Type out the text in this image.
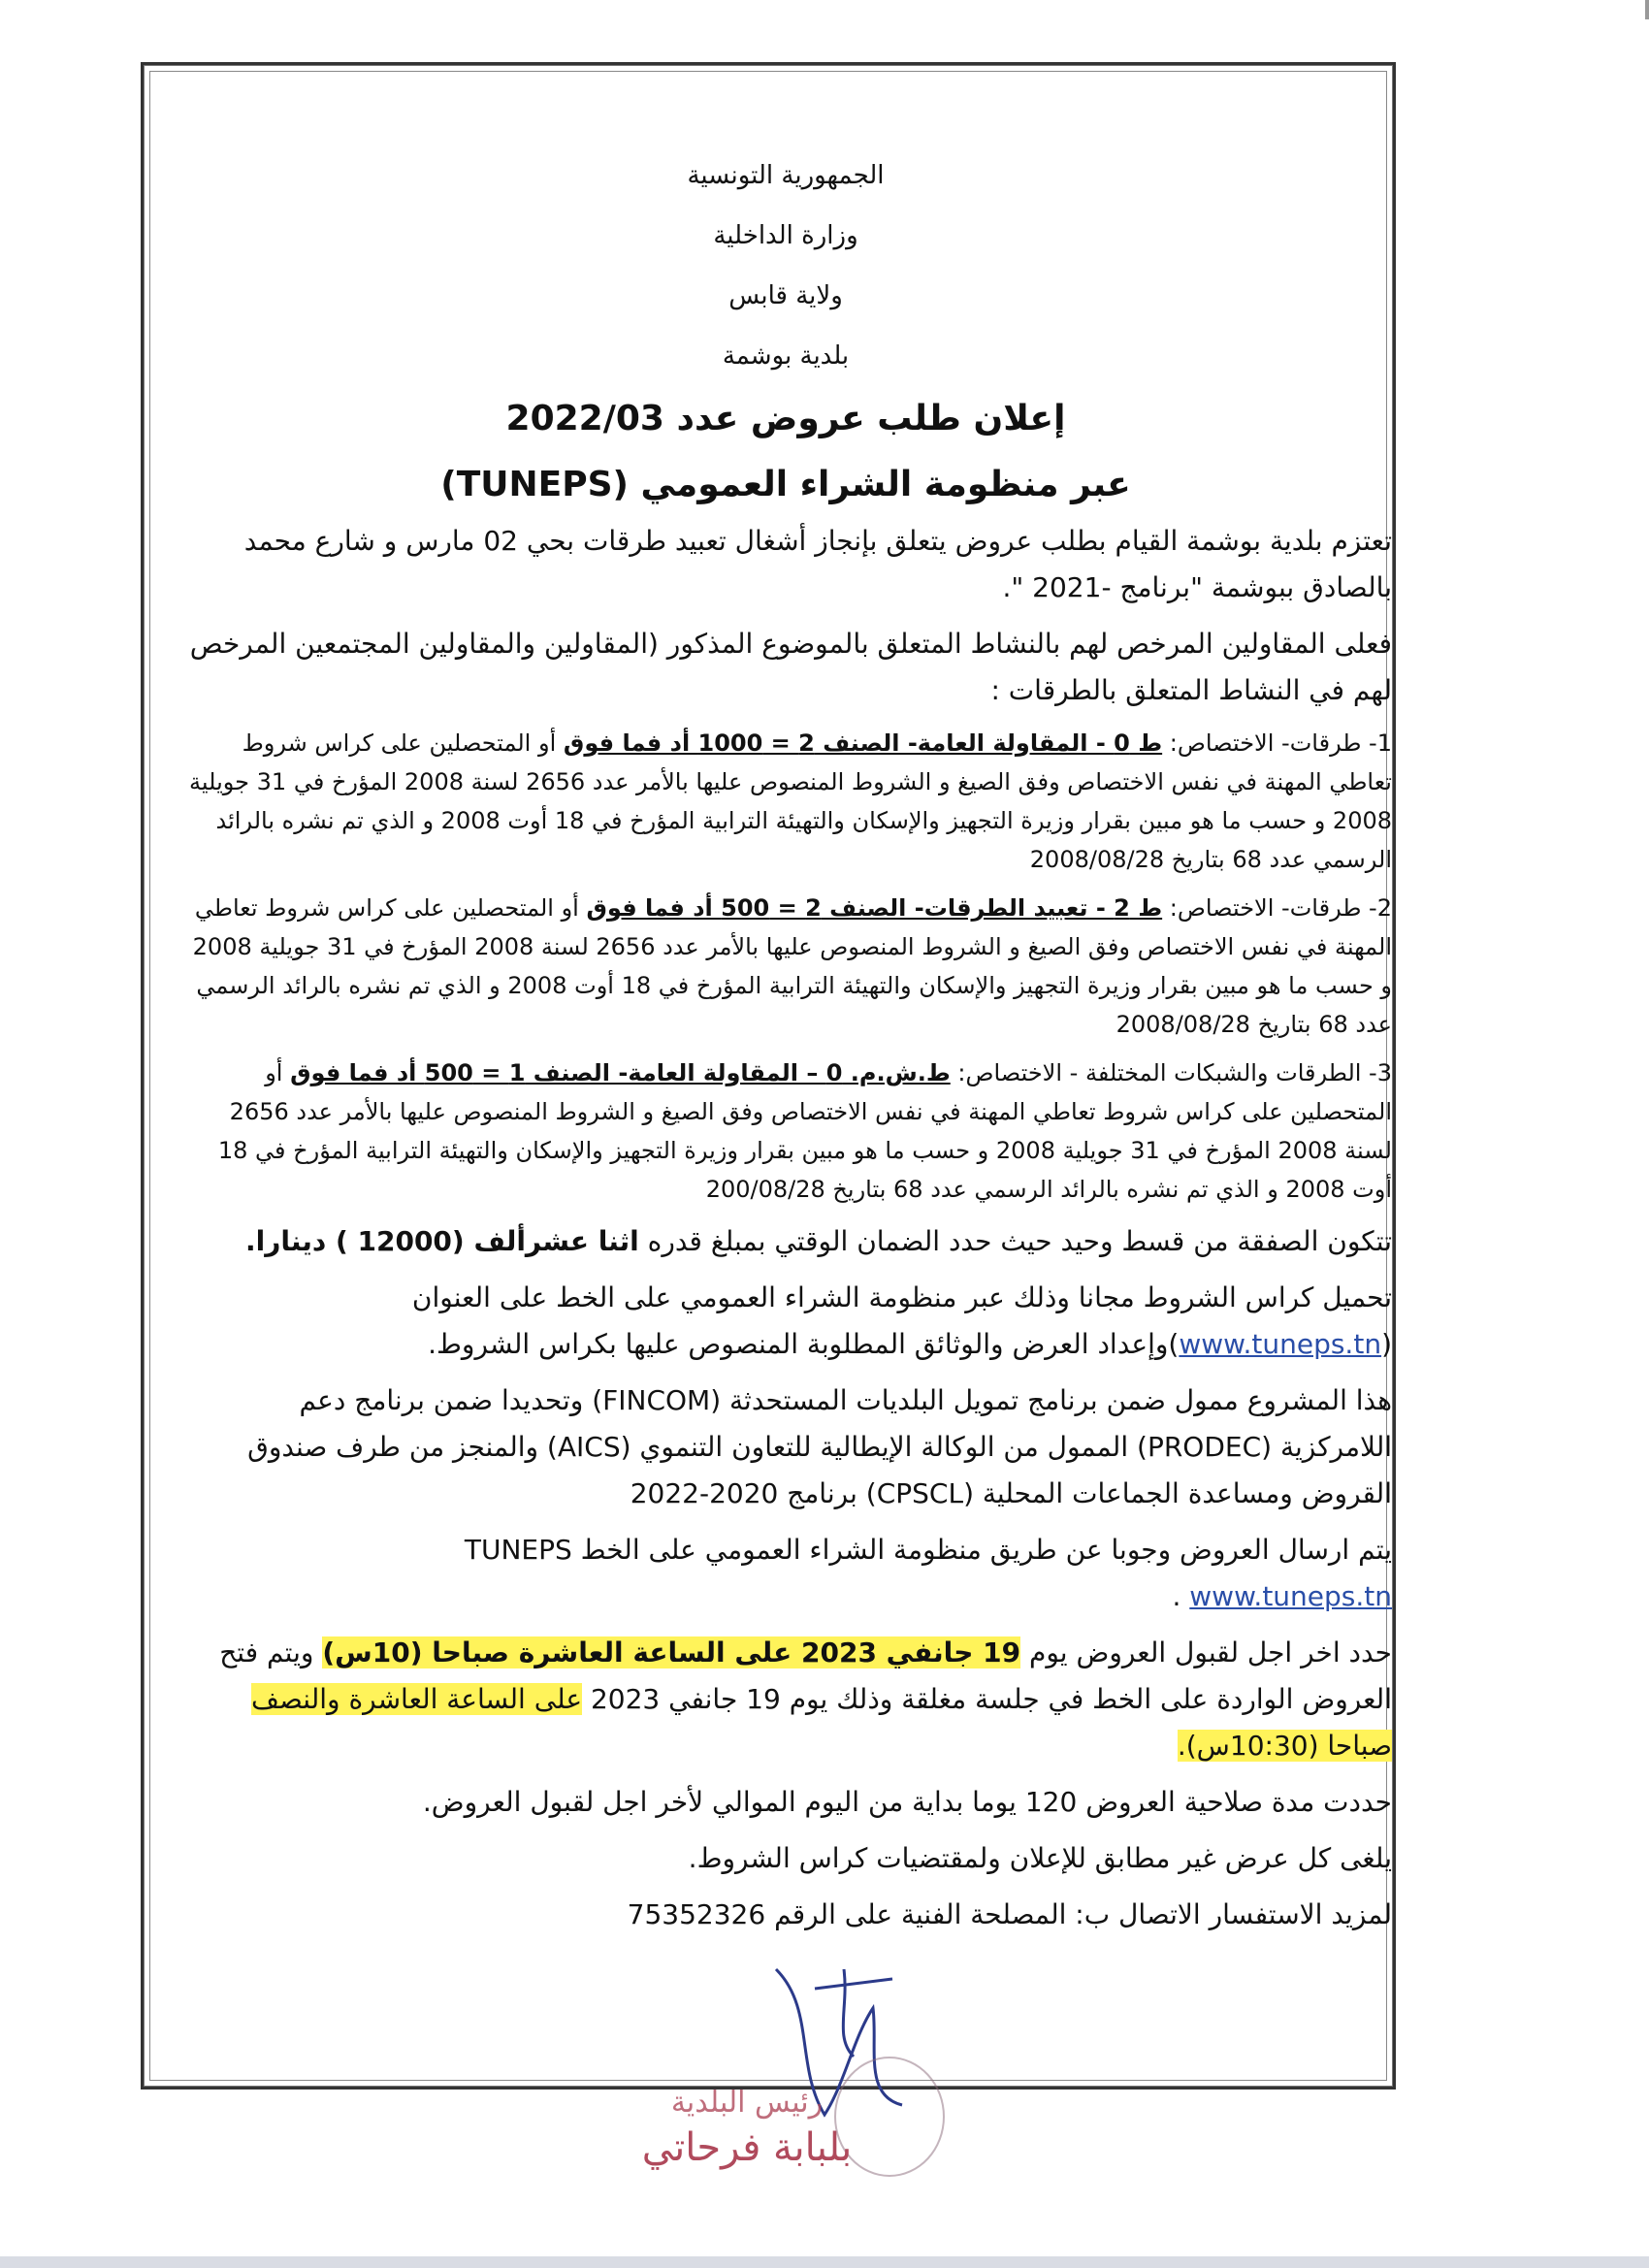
الجمهورية التونسية
وزارة الداخلية
ولاية قابس
بلدية بوشمة
إعلان طلب عروض عدد 2022/03
عبر منظومة الشراء العمومي (TUNEPS)

تعتزم بلدية بوشمة القيام بطلب عروض يتعلق بإنجاز أشغال تعبيد طرقات بحي 02 مارس و شارع محمد بالصادق ببوشمة "برنامج -2021 ".

فعلى المقاولين المرخص لهم بالنشاط المتعلق بالموضوع المذكور (المقاولين والمقاولين المجتمعين المرخص لهم في النشاط المتعلق بالطرقات :

1- طرقات- الاختصاص: ط 0 - المقاولة العامة- الصنف 2 = 1000 أد فما فوق أو المتحصلين على كراس شروط تعاطي المهنة في نفس الاختصاص وفق الصيغ و الشروط المنصوص عليها بالأمر عدد 2656 لسنة 2008 المؤرخ في 31 جويلية 2008 و حسب ما هو مبين بقرار وزيرة التجهيز والإسكان والتهيئة الترابية المؤرخ في 18 أوت 2008 و الذي تم نشره بالرائد الرسمي عدد 68 بتاريخ 2008/08/28

2- طرقات- الاختصاص: ط 2 - تعبيد الطرقات- الصنف 2 = 500 أد فما فوق أو المتحصلين على كراس شروط تعاطي المهنة في نفس الاختصاص وفق الصيغ و الشروط المنصوص عليها بالأمر عدد 2656 لسنة 2008 المؤرخ في 31 جويلية 2008 و حسب ما هو مبين بقرار وزيرة التجهيز والإسكان والتهيئة الترابية المؤرخ في 18 أوت 2008 و الذي تم نشره بالرائد الرسمي عدد 68 بتاريخ 2008/08/28

3- الطرقات والشبكات المختلفة - الاختصاص: ط.ش.م. 0 – المقاولة العامة- الصنف 1 = 500 أد فما فوق أو المتحصلين على كراس شروط تعاطي المهنة في نفس الاختصاص وفق الصيغ و الشروط المنصوص عليها بالأمر عدد 2656 لسنة 2008 المؤرخ في 31 جويلية 2008 و حسب ما هو مبين بقرار وزيرة التجهيز والإسكان والتهيئة الترابية المؤرخ في 18 أوت 2008 و الذي تم نشره بالرائد الرسمي عدد 68 بتاريخ 200/08/28

تتكون الصفقة من قسط وحيد حيث حدد الضمان الوقتي بمبلغ قدره اثنا عشرألف (12000 ) دينارا.

تحميل كراس الشروط مجانا وذلك عبر منظومة الشراء العمومي على الخط على العنوان (www.tuneps.tn)وإعداد العرض والوثائق المطلوبة المنصوص عليها بكراس الشروط.

هذا المشروع ممول ضمن برنامج تمويل البلديات المستحدثة (FINCOM) وتحديدا ضمن برنامج دعم اللامركزية (PRODEC) الممول من الوكالة الإيطالية للتعاون التنموي (AICS) والمنجز من طرف صندوق القروض ومساعدة الجماعات المحلية (CPSCL) برنامج 2020-2022

يتم ارسال العروض وجوبا عن طريق منظومة الشراء العمومي على الخط TUNEPS
www.tuneps.tn .

حدد اخر اجل لقبول العروض يوم 19 جانفي 2023 على الساعة العاشرة صباحا (10س) ويتم فتح العروض الواردة على الخط في جلسة مغلقة وذلك يوم 19 جانفي 2023 على الساعة العاشرة والنصف صباحا (10:30س).

حددت مدة صلاحية العروض 120 يوما بداية من اليوم الموالي لأخر اجل لقبول العروض.

يلغى كل عرض غير مطابق للإعلان ولمقتضيات كراس الشروط.

لمزيد الاستفسار الاتصال ب: المصلحة الفنية على الرقم 75352326

رئيس البلدية
بلبابة فرحاتي
